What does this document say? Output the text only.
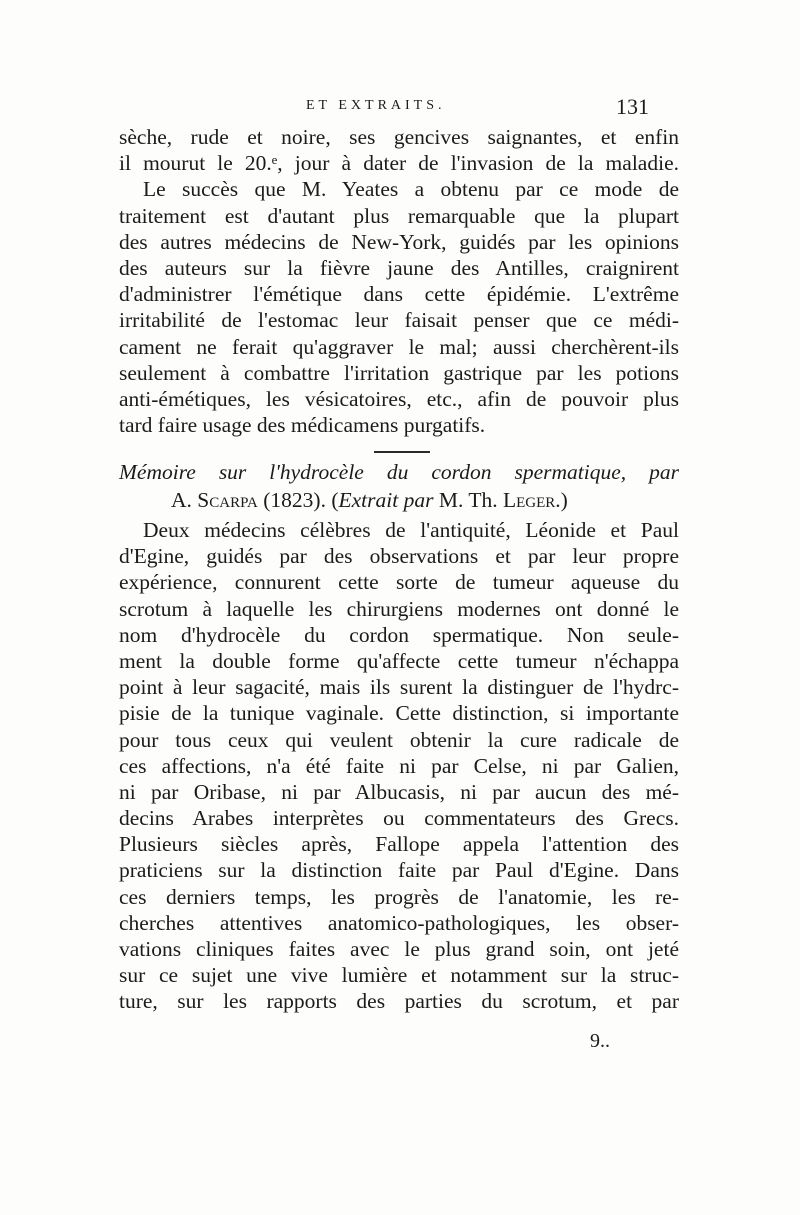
ET EXTRAITS.	131
sèche, rude et noire, ses gencives saignantes, et enfin
il mourut le 20.ᵉ, jour à dater de l'invasion de la maladie.
Le succès que M. Yeates a obtenu par ce mode de
traitement est d'autant plus remarquable que la plupart
des autres médecins de New-York, guidés par les opinions
des auteurs sur la fièvre jaune des Antilles, craignirent
d'administrer l'émétique dans cette épidémie. L'extrême
irritabilité de l'estomac leur faisait penser que ce médi-
cament ne ferait qu'aggraver le mal; aussi cherchèrent-ils
seulement à combattre l'irritation gastrique par les potions
anti-émétiques, les vésicatoires, etc., afin de pouvoir plus
tard faire usage des médicamens purgatifs.
Mémoire sur l'hydrocèle du cordon spermatique, par
A. Scarpa (1823). (Extrait par M. Th. Leger.)
Deux médecins célèbres de l'antiquité, Léonide et Paul
d'Egine, guidés par des observations et par leur propre
expérience, connurent cette sorte de tumeur aqueuse du
scrotum à laquelle les chirurgiens modernes ont donné le
nom d'hydrocèle du cordon spermatique. Non seule-
ment la double forme qu'affecte cette tumeur n'échappa
point à leur sagacité, mais ils surent la distinguer de l'hydrc-
pisie de la tunique vaginale. Cette distinction, si importante
pour tous ceux qui veulent obtenir la cure radicale de
ces affections, n'a été faite ni par Celse, ni par Galien,
ni par Oribase, ni par Albucasis, ni par aucun des mé-
decins Arabes interprètes ou commentateurs des Grecs.
Plusieurs siècles après, Fallope appela l'attention des
praticiens sur la distinction faite par Paul d'Egine. Dans
ces derniers temps, les progrès de l'anatomie, les re-
cherches attentives anatomico-pathologiques, les obser-
vations cliniques faites avec le plus grand soin, ont jeté
sur ce sujet une vive lumière et notamment sur la struc-
ture, sur les rapports des parties du scrotum, et par
9..
